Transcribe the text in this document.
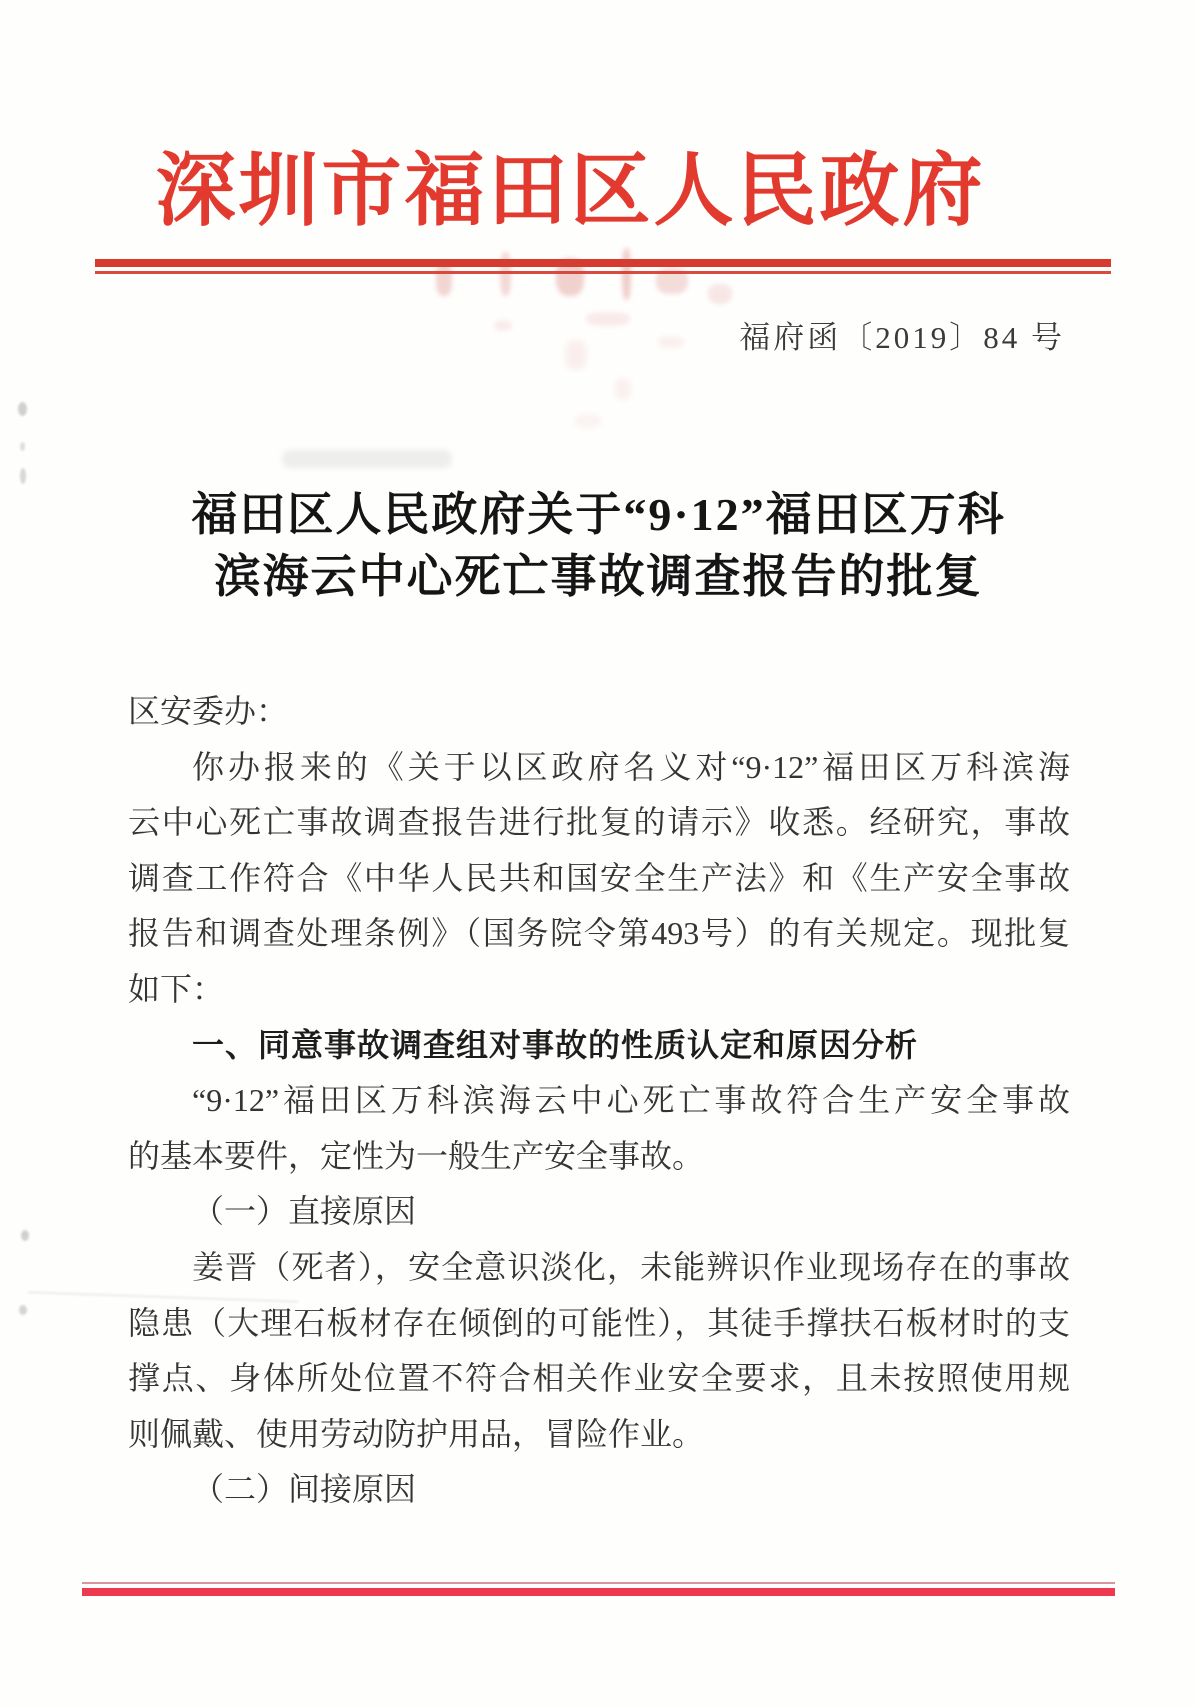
深圳市福田区人民政府
福府函〔2019〕84 号
福田区人民政府关于“9·12”福田区万科
滨海云中心死亡事故调查报告的批复
区安委办：
你办报来的《关于以区政府名义对“9·12”福田区万科滨海
云中心死亡事故调查报告进行批复的请示》收悉。经研究，事故
调查工作符合《中华人民共和国安全生产法》和《生产安全事故
报告和调查处理条例》（国务院令第493号）的有关规定。现批复
如下：
一、同意事故调查组对事故的性质认定和原因分析
“9·12”福田区万科滨海云中心死亡事故符合生产安全事故
的基本要件，定性为一般生产安全事故。
（一）直接原因
姜晋（死者），安全意识淡化，未能辨识作业现场存在的事故
隐患（大理石板材存在倾倒的可能性），其徒手撑扶石板材时的支
撑点、身体所处位置不符合相关作业安全要求，且未按照使用规
则佩戴、使用劳动防护用品，冒险作业。
（二）间接原因
